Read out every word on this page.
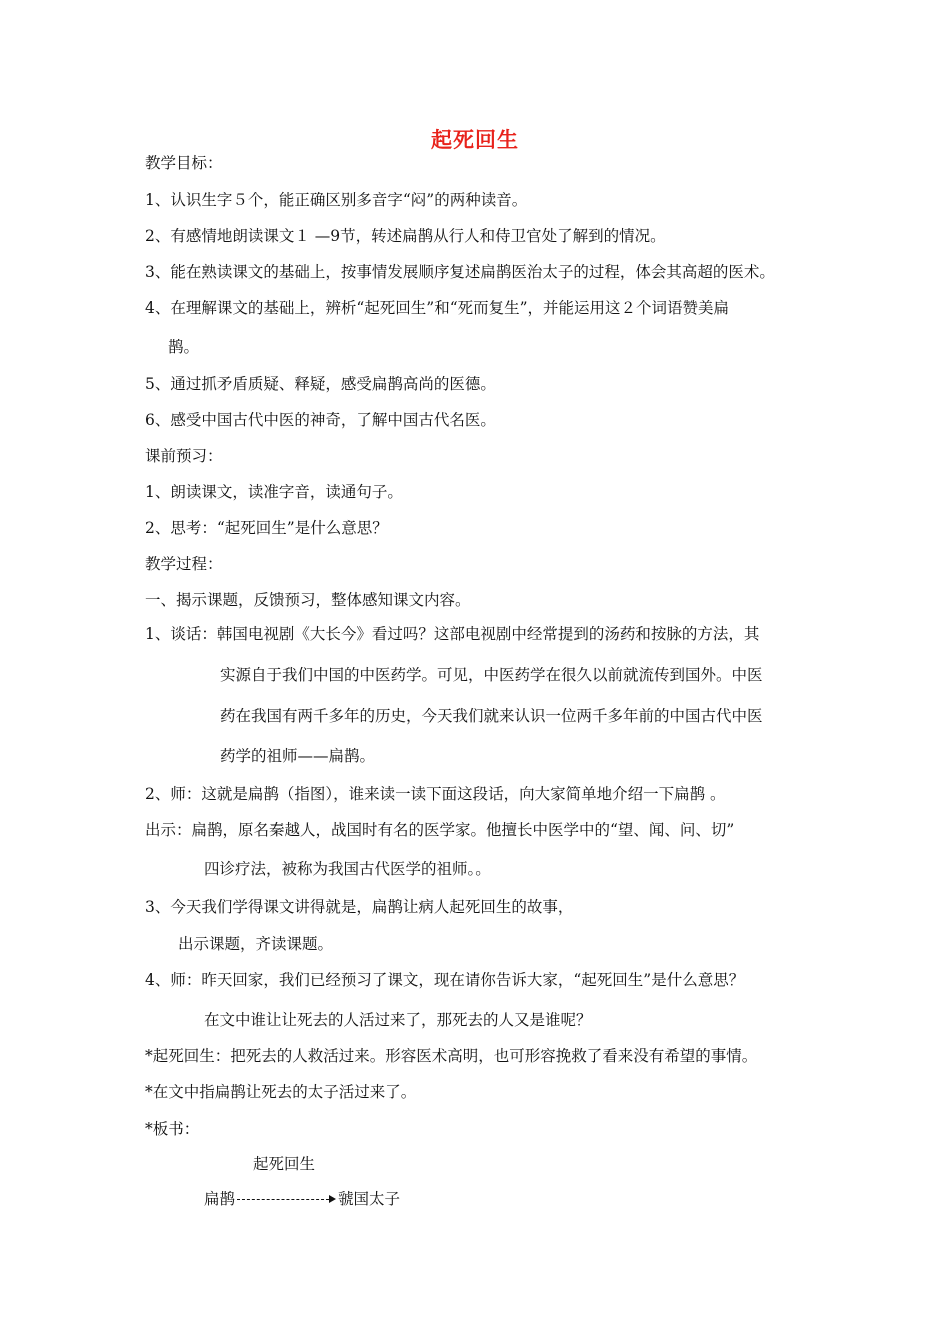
起死回生
教学目标：
1、认识生字５个，能正确区别多音字“闷”的两种读音。
2、有感情地朗读课文１ —9节，转述扁鹊从行人和侍卫官处了解到的情况。
3、能在熟读课文的基础上，按事情发展顺序复述扁鹊医治太子的过程，体会其高超的医术。
4、在理解课文的基础上，辨析“起死回生”和“死而复生”，并能运用这２个词语赞美扁
鹊。
5、通过抓矛盾质疑、释疑，感受扁鹊高尚的医德。
6、感受中国古代中医的神奇，了解中国古代名医。
课前预习：
1、朗读课文，读准字音，读通句子。
2、思考：“起死回生”是什么意思？
教学过程：
一、揭示课题，反馈预习，整体感知课文内容。
1、谈话：韩国电视剧《大长今》看过吗？这部电视剧中经常提到的汤药和按脉的方法，其
实源自于我们中国的中医药学。可见，中医药学在很久以前就流传到国外。中医
药在我国有两千多年的历史，今天我们就来认识一位两千多年前的中国古代中医
药学的祖师——扁鹊。
2、师：这就是扁鹊（指图），谁来读一读下面这段话，向大家简单地介绍一下扁鹊 。
出示：扁鹊，原名秦越人，战国时有名的医学家。他擅长中医学中的“望、闻、问、切”
四诊疗法，被称为我国古代医学的祖师。。
3、今天我们学得课文讲得就是，扁鹊让病人起死回生的故事，
出示课题，齐读课题。
4、师：昨天回家，我们已经预习了课文，现在请你告诉大家，“起死回生”是什么意思？
在文中谁让让死去的人活过来了，那死去的人又是谁呢？
*起死回生：把死去的人救活过来。形容医术高明，也可形容挽救了看来没有希望的事情。
*在文中指扁鹊让死去的太子活过来了。
*板书：
起死回生
扁鹊	虢国太子
